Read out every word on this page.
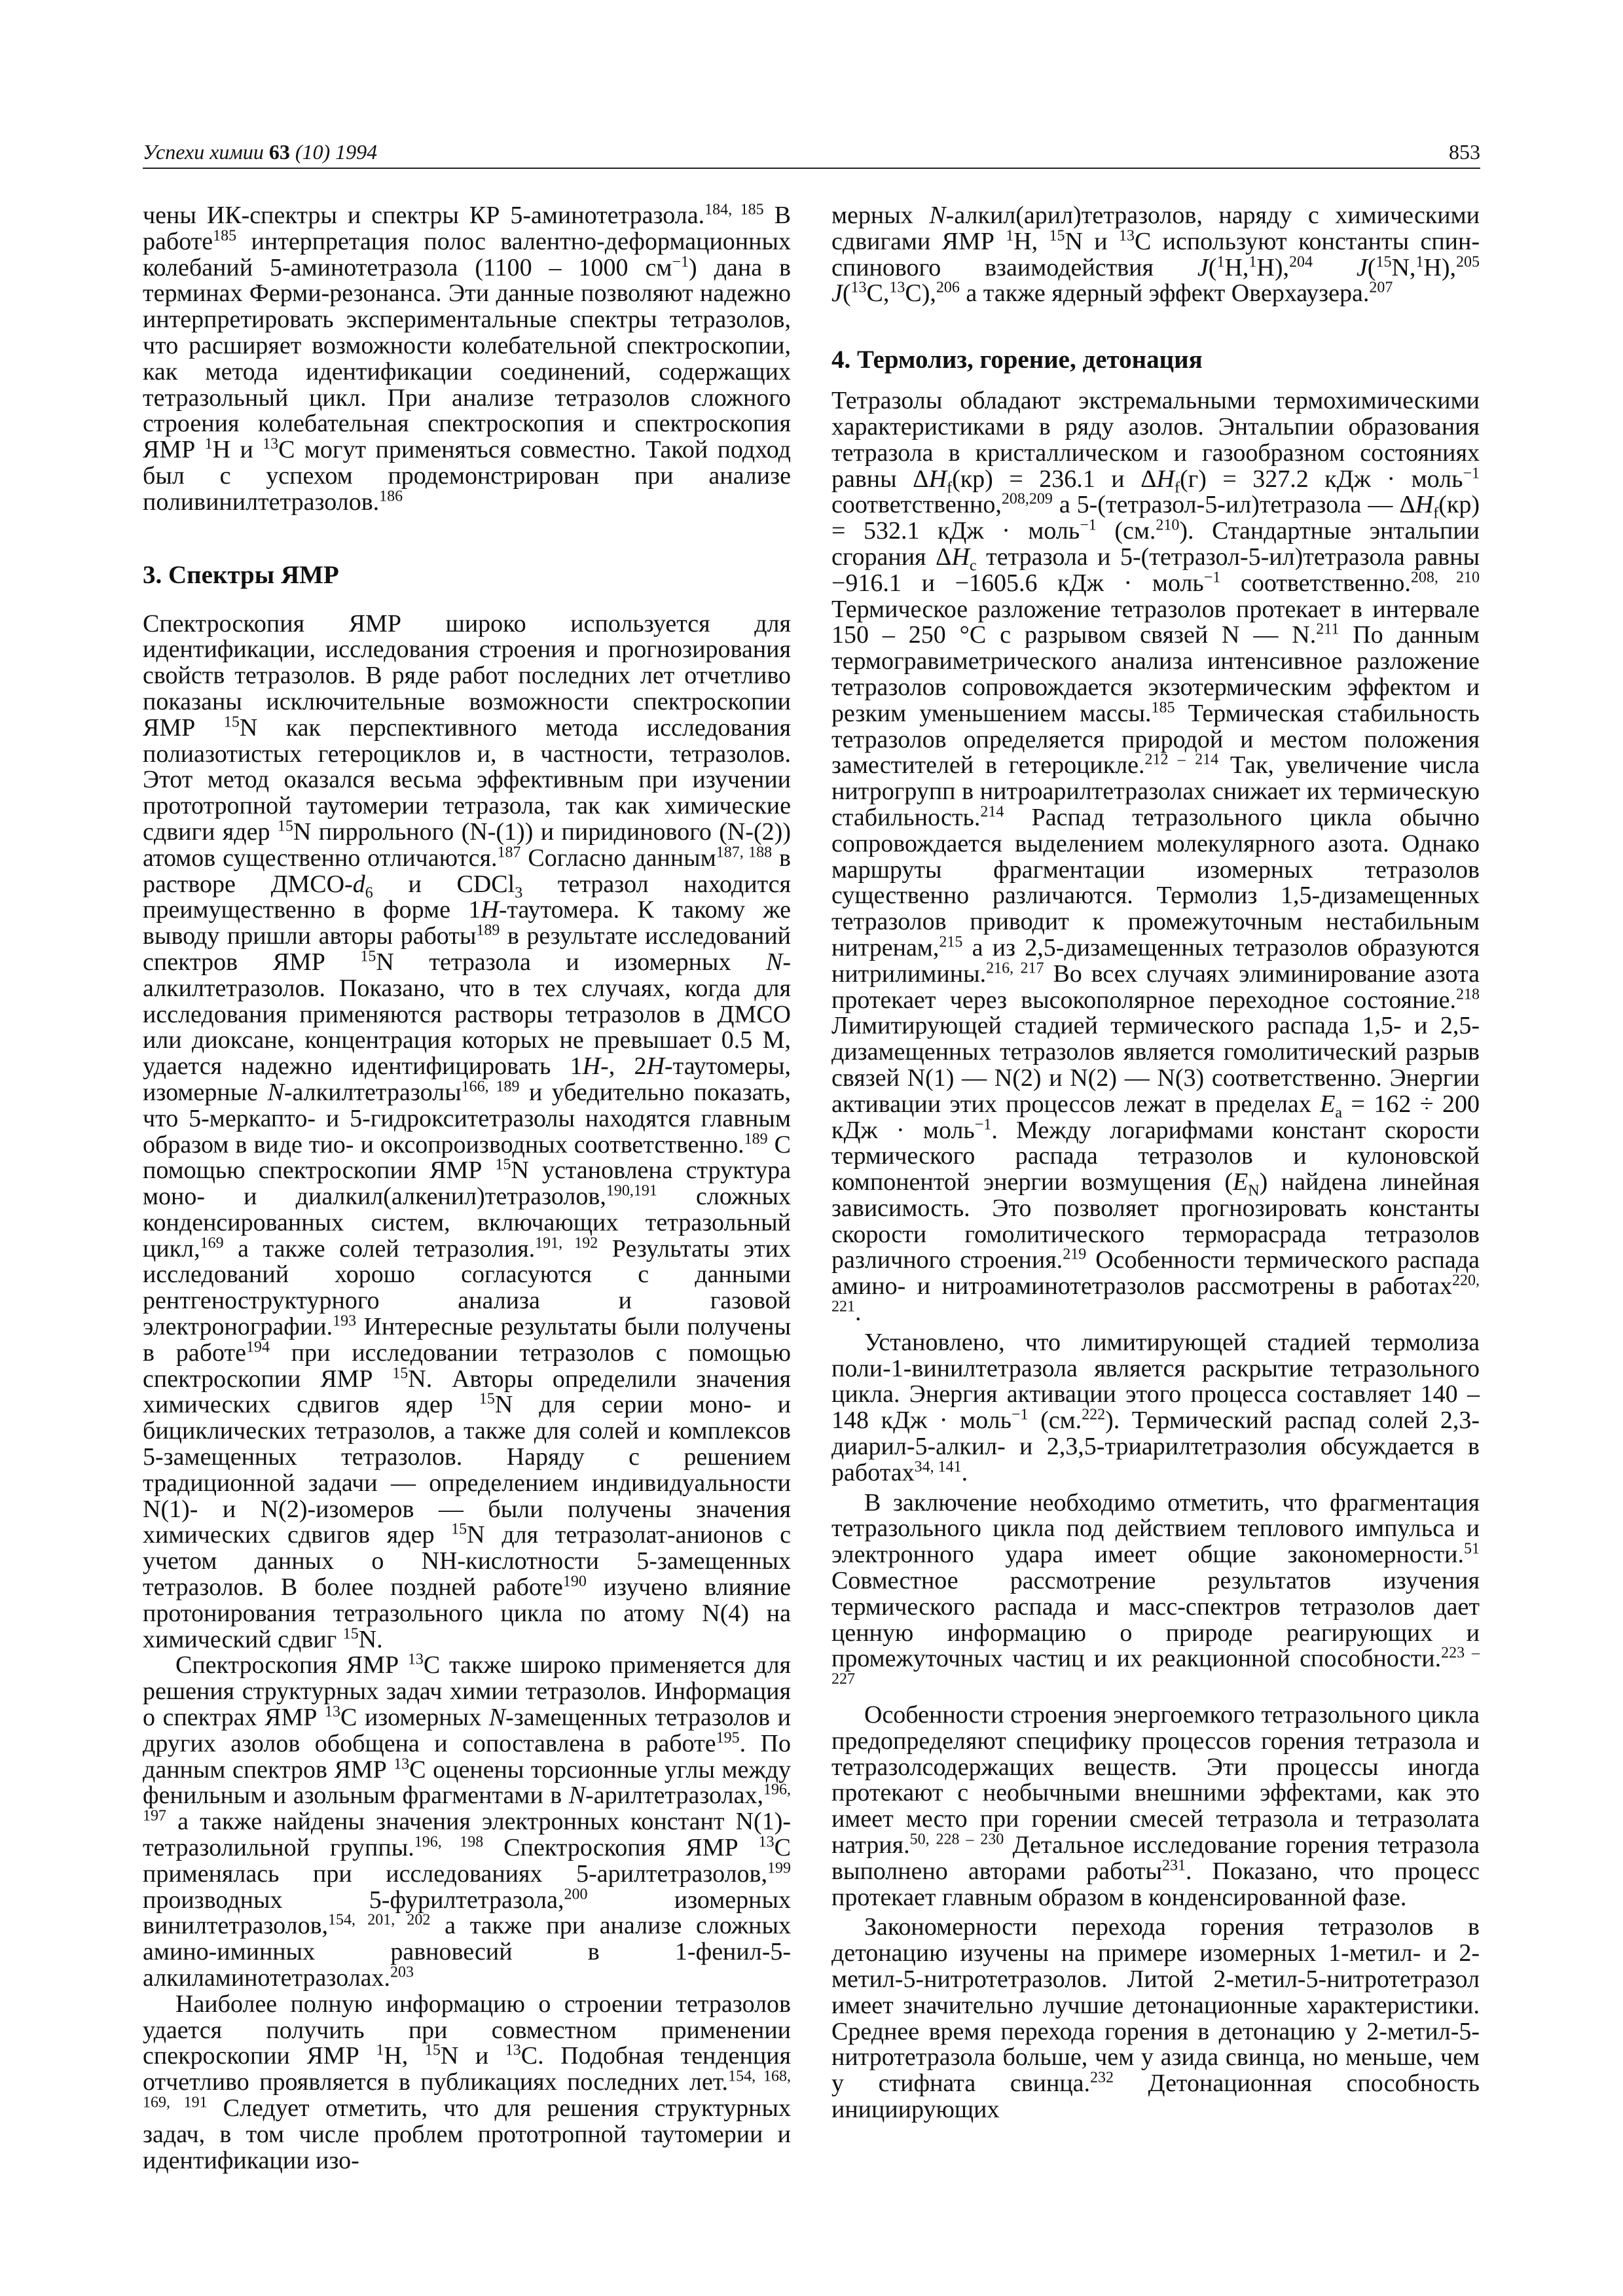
Успехи химии 63 (10) 1994	853

чены ИК-спектры и спектры КР 5-аминотетразола.$^{184, 185}$ В работе$^{185}$ интерпретация полос валентно-деформационных колебаний 5-аминотетразола (1100 – 1000 $см^{-1}$) дана в терминах Ферми-резонанса. Эти данные позволяют надежно интерпретировать экспериментальные спектры тетразолов, что расширяет возможности колебательной спектроскопии, как метода идентификации соединений, содержащих тетразольный цикл. При анализе тетразолов сложного строения колебательная спектроскопия и спектроскопия ЯМР $^1$H и $^{13}$C могут применяться совместно. Такой подход был с успехом продемонстрирован при анализе поливинилтетразолов.$^{186}$

3. Спектры ЯМР

Спектроскопия ЯМР широко используется для идентификации, исследования строения и прогнозирования свойств тетразолов. В ряде работ последних лет отчетливо показаны исключительные возможности спектроскопии ЯМР $^{15}$N как перспективного метода исследования полиазотистых гетероциклов и, в частности, тетразолов. Этот метод оказался весьма эффективным при изучении прототропной таутомерии тетразола, так как химические сдвиги ядер $^{15}$N пиррольного (N-(1)) и пиридинового (N-(2)) атомов существенно отличаются.$^{187}$ Согласно данным$^{187, 188}$ в растворе ДМСО-$d_6$ и CDCl$_3$ тетразол находится преимущественно в форме 1H-таутомера. К такому же выводу пришли авторы работы$^{189}$ в результате исследований спектров ЯМР $^{15}$N тетразола и изомерных N-алкилтетразолов. Показано, что в тех случаях, когда для исследования применяются растворы тетразолов в ДМСО или диоксане, концентрация которых не превышает 0.5 М, удается надежно идентифицировать 1H-, 2H-таутомеры, изомерные N-алкилтетразолы$^{166, 189}$ и убедительно показать, что 5-меркапто- и 5-гидрокситетразолы находятся главным образом в виде тио- и оксопроизводных соответственно.$^{189}$ С помощью спектроскопии ЯМР $^{15}$N установлена структура моно- и диалкил(алкенил)тетразолов,$^{190,191}$ сложных конденсированных систем, включающих тетразольный цикл,$^{169}$ а также солей тетразолия.$^{191, 192}$ Результаты этих исследований хорошо согласуются с данными рентгеноструктурного анализа и газовой электронографии.$^{193}$ Интересные результаты были получены в работе$^{194}$ при исследовании тетразолов с помощью спектроскопии ЯМР $^{15}$N. Авторы определили значения химических сдвигов ядер $^{15}$N для серии моно- и бициклических тетразолов, а также для солей и комплексов 5-замещенных тетразолов. Наряду с решением традиционной задачи — определением индивидуальности N(1)- и N(2)-изомеров — были получены значения химических сдвигов ядер $^{15}$N для тетразолат-анионов с учетом данных о NH-кислотности 5-замещенных тетразолов. В более поздней работе$^{190}$ изучено влияние протонирования тетразольного цикла по атому N(4) на химический сдвиг $^{15}$N.

Спектроскопия ЯМР $^{13}$C также широко применяется для решения структурных задач химии тетразолов. Информация о спектрах ЯМР $^{13}$C изомерных N-замещенных тетразолов и других азолов обобщена и сопоставлена в работе$^{195}$. По данным спектров ЯМР $^{13}$C оценены торсионные углы между фенильным и азольным фрагментами в N-арилтетразолах,$^{196, 197}$ а также найдены значения электронных констант N(1)-тетразолильной группы.$^{196, 198}$ Спектроскопия ЯМР $^{13}$C применялась при исследованиях 5-арилтетразолов,$^{199}$ производных 5-фурилтетразола,$^{200}$ изомерных винилтетразолов,$^{154, 201, 202}$ а также при анализе сложных амино-иминных равновесий в 1-фенил-5-алкиламинотетразолах.$^{203}$

Наиболее полную информацию о строении тетразолов удается получить при совместном применении спекроскопии ЯМР $^1$H, $^{15}$N и $^{13}$C. Подобная тенденция отчетливо проявляется в публикациях последних лет.$^{154, 168, 169, 191}$ Следует отметить, что для решения структурных задач, в том числе проблем прототропной таутомерии и идентификации изо-

мерных N-алкил(арил)тетразолов, наряду с химическими сдвигами ЯМР $^1$H, $^{15}$N и $^{13}$C используют константы спин-спинового взаимодействия J($^1$H,$^1$H),$^{204}$ J($^{15}$N,$^1$H),$^{205}$ J($^{13}$C,$^{13}$C),$^{206}$ а также ядерный эффект Оверхаузера.$^{207}$

4. Термолиз, горение, детонация

Тетразолы обладают экстремальными термохимическими характеристиками в ряду азолов. Энтальпии образования тетразола в кристаллическом и газообразном состояниях равны $\Delta H_f(кр) = 236.1$ и $\Delta H_f(г) = 327.2$ кДж · моль$^{-1}$ соответственно,$^{208,209}$ а 5-(тетразол-5-ил)тетразола — $\Delta H_f(кр) = 532.1$ кДж · моль$^{-1}$ (см.$^{210}$). Стандартные энтальпии сгорания $\Delta H_c$ тетразола и 5-(тетразол-5-ил)тетразола равны −916.1 и −1605.6 кДж · моль$^{-1}$ соответственно.$^{208, 210}$ Термическое разложение тетразолов протекает в интервале 150 – 250 °C с разрывом связей N — N.$^{211}$ По данным термогравиметрического анализа интенсивное разложение тетразолов сопровождается экзотермическим эффектом и резким уменьшением массы.$^{185}$ Термическая стабильность тетразолов определяется природой и местом положения заместителей в гетероцикле.$^{212 - 214}$ Так, увеличение числа нитрогрупп в нитроарилтетразолах снижает их термическую стабильность.$^{214}$ Распад тетразольного цикла обычно сопровождается выделением молекулярного азота. Однако маршруты фрагментации изомерных тетразолов существенно различаются. Термолиз 1,5-дизамещенных тетразолов приводит к промежуточным нестабильным нитренам,$^{215}$ а из 2,5-дизамещенных тетразолов образуются нитрилимины.$^{216, 217}$ Во всех случаях элиминирование азота протекает через высокополярное переходное состояние.$^{218}$ Лимитирующей стадией термического распада 1,5- и 2,5-дизамещенных тетразолов является гомолитический разрыв связей N(1) — N(2) и N(2) — N(3) соответственно. Энергии активации этих процессов лежат в пределах $E_a = 162 \div 200$ кДж · моль$^{-1}$. Между логарифмами констант скорости термического распада тетразолов и кулоновской компонентой энергии возмущения $(E_N)$ найдена линейная зависимость. Это позволяет прогнозировать константы скорости гомолитического терморасрада тетразолов различного строения.$^{219}$ Особенности термического распада амино- и нитроаминотетразолов рассмотрены в работах$^{220, 221}$.

Установлено, что лимитирующей стадией термолиза поли-1-винилтетразола является раскрытие тетразольного цикла. Энергия активации этого процесса составляет 140 – 148 кДж · моль$^{-1}$ (см.$^{222}$). Термический распад солей 2,3-диарил-5-алкил- и 2,3,5-триарилтетразолия обсуждается в работах$^{34, 141}$.

В заключение необходимо отметить, что фрагментация тетразольного цикла под действием теплового импульса и электронного удара имеет общие закономерности.$^{51}$ Совместное рассмотрение результатов изучения термического распада и масс-спектров тетразолов дает ценную информацию о природе реагирующих и промежуточных частиц и их реакционной способности.$^{223 - 227}$

Особенности строения энергоемкого тетразольного цикла предопределяют специфику процессов горения тетразола и тетразолсодержащих веществ. Эти процессы иногда протекают с необычными внешними эффектами, как это имеет место при горении смесей тетразола и тетразолата натрия.$^{50, 228 - 230}$ Детальное исследование горения тетразола выполнено авторами работы$^{231}$. Показано, что процесс протекает главным образом в конденсированной фазе.

Закономерности перехода горения тетразолов в детонацию изучены на примере изомерных 1-метил- и 2-метил-5-нитротетразолов. Литой 2-метил-5-нитротетразол имеет значительно лучшие детонационные характеристики. Среднее время перехода горения в детонацию у 2-метил-5-нитротетразола больше, чем у азида свинца, но меньше, чем у стифната свинца.$^{232}$ Детонационная способность инициирующих
